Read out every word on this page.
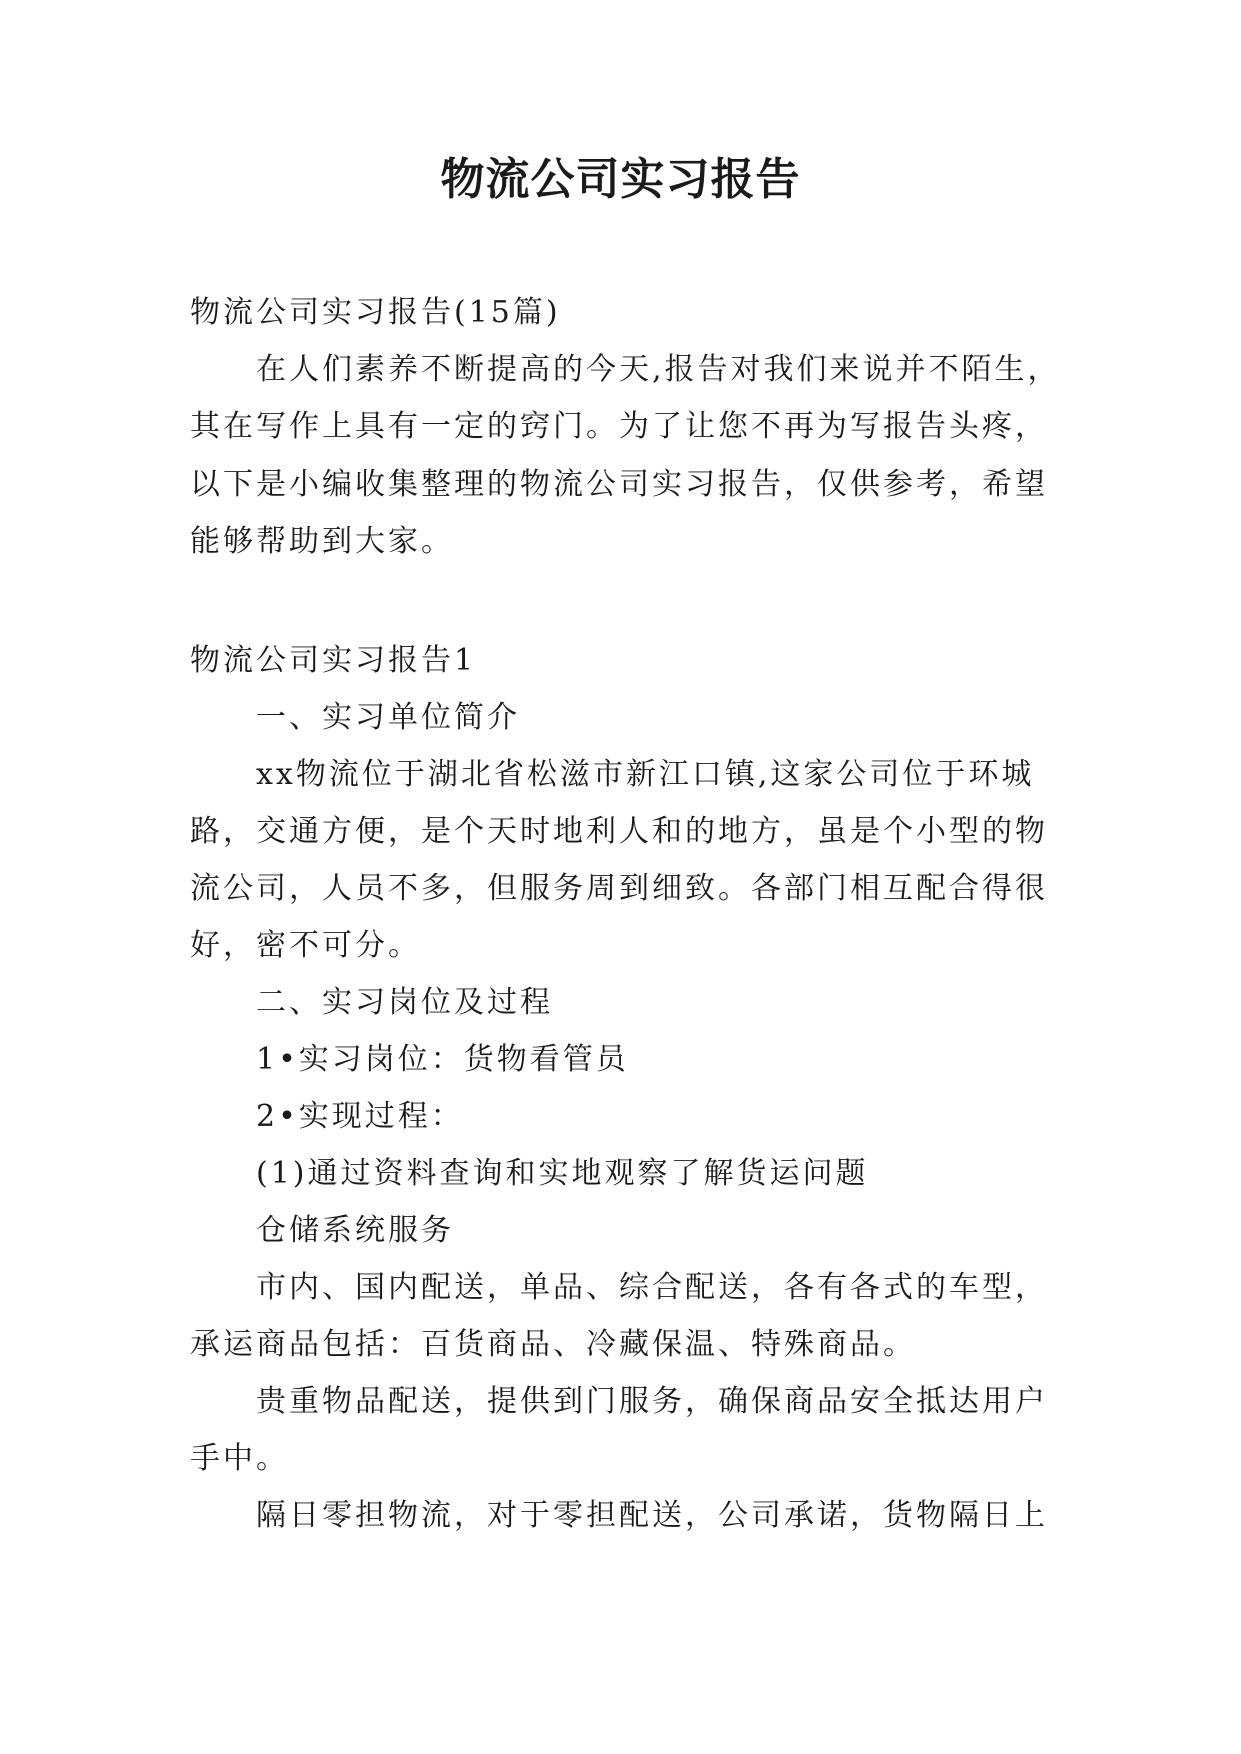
物流公司实习报告
物流公司实习报告(15篇)
在人们素养不断提高的今天,报告对我们来说并不陌生，
其在写作上具有一定的窍门。为了让您不再为写报告头疼，
以下是小编收集整理的物流公司实习报告，仅供参考，希望
能够帮助到大家。
物流公司实习报告1
一、实习单位简介
xx物流位于湖北省松滋市新江口镇,这家公司位于环城
路，交通方便，是个天时地利人和的地方，虽是个小型的物
流公司，人员不多，但服务周到细致。各部门相互配合得很
好，密不可分。
二、实习岗位及过程
1•实习岗位：货物看管员
2•实现过程：
(1)通过资料查询和实地观察了解货运问题
仓储系统服务
市内、国内配送，单品、综合配送，各有各式的车型，
承运商品包括：百货商品、冷藏保温、特殊商品。
贵重物品配送，提供到门服务，确保商品安全抵达用户
手中。
隔日零担物流，对于零担配送，公司承诺，货物隔日上
